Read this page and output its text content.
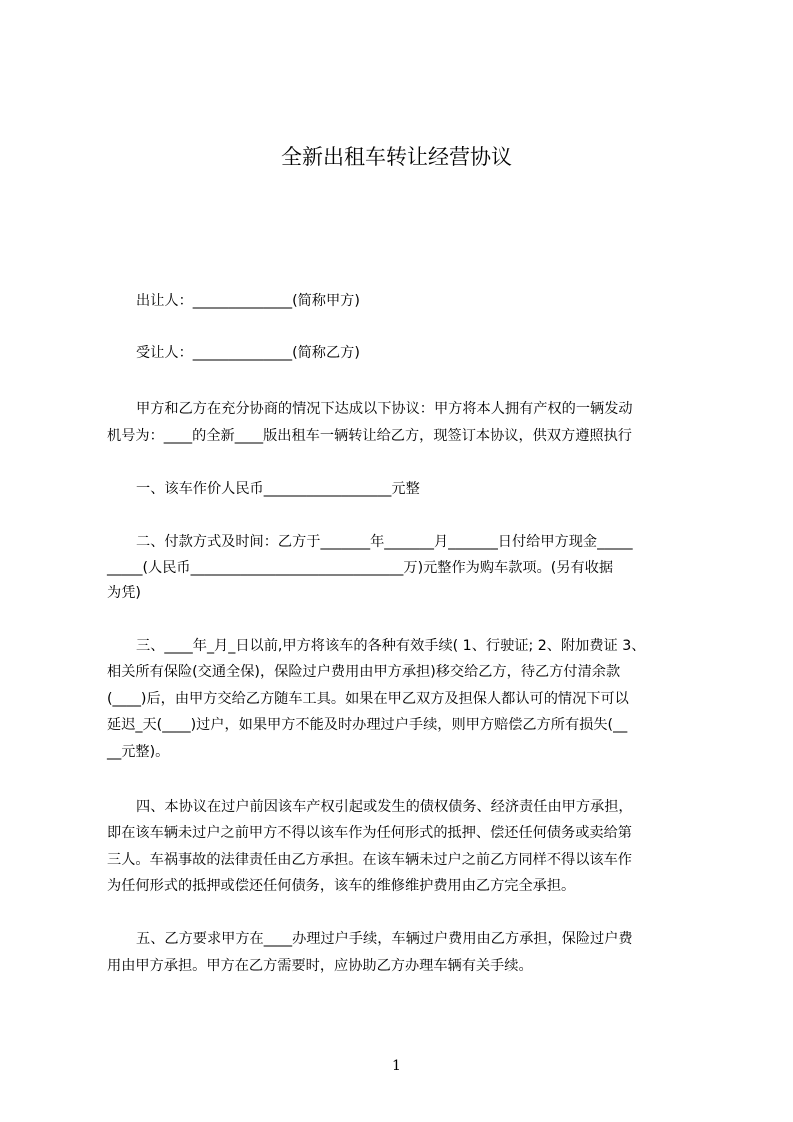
全新出租车转让经营协议
出让人：______________(简称甲方)
受让人：______________(简称乙方)
甲方和乙方在充分协商的情况下达成以下协议：甲方将本人拥有产权的一辆发动
机号为：____的全新____版出租车一辆转让给乙方，现签订本协议，供双方遵照执行
一、该车作价人民币__________________元整
二、付款方式及时间：乙方于_______年_______月_______日付给甲方现金_____
_____(人民币______________________________万)元整作为购车款项。(另有收据
为凭)
三、____年_月_日以前,甲方将该车的各种有效手续( 1、行驶证; 2、附加费证 3、
相关所有保险(交通全保)，保险过户费用由甲方承担)移交给乙方，待乙方付清余款
(____)后，由甲方交给乙方随车工具。如果在甲乙双方及担保人都认可的情况下可以
延迟_天(____)过户，如果甲方不能及时办理过户手续，则甲方赔偿乙方所有损失(__
__元整)。
四、本协议在过户前因该车产权引起或发生的债权债务、经济责任由甲方承担，
即在该车辆未过户之前甲方不得以该车作为任何形式的抵押、偿还任何债务或卖给第
三人。车祸事故的法律责任由乙方承担。在该车辆未过户之前乙方同样不得以该车作
为任何形式的抵押或偿还任何债务，该车的维修维护费用由乙方完全承担。
五、乙方要求甲方在____办理过户手续，车辆过户费用由乙方承担，保险过户费
用由甲方承担。甲方在乙方需要时，应协助乙方办理车辆有关手续。
1
